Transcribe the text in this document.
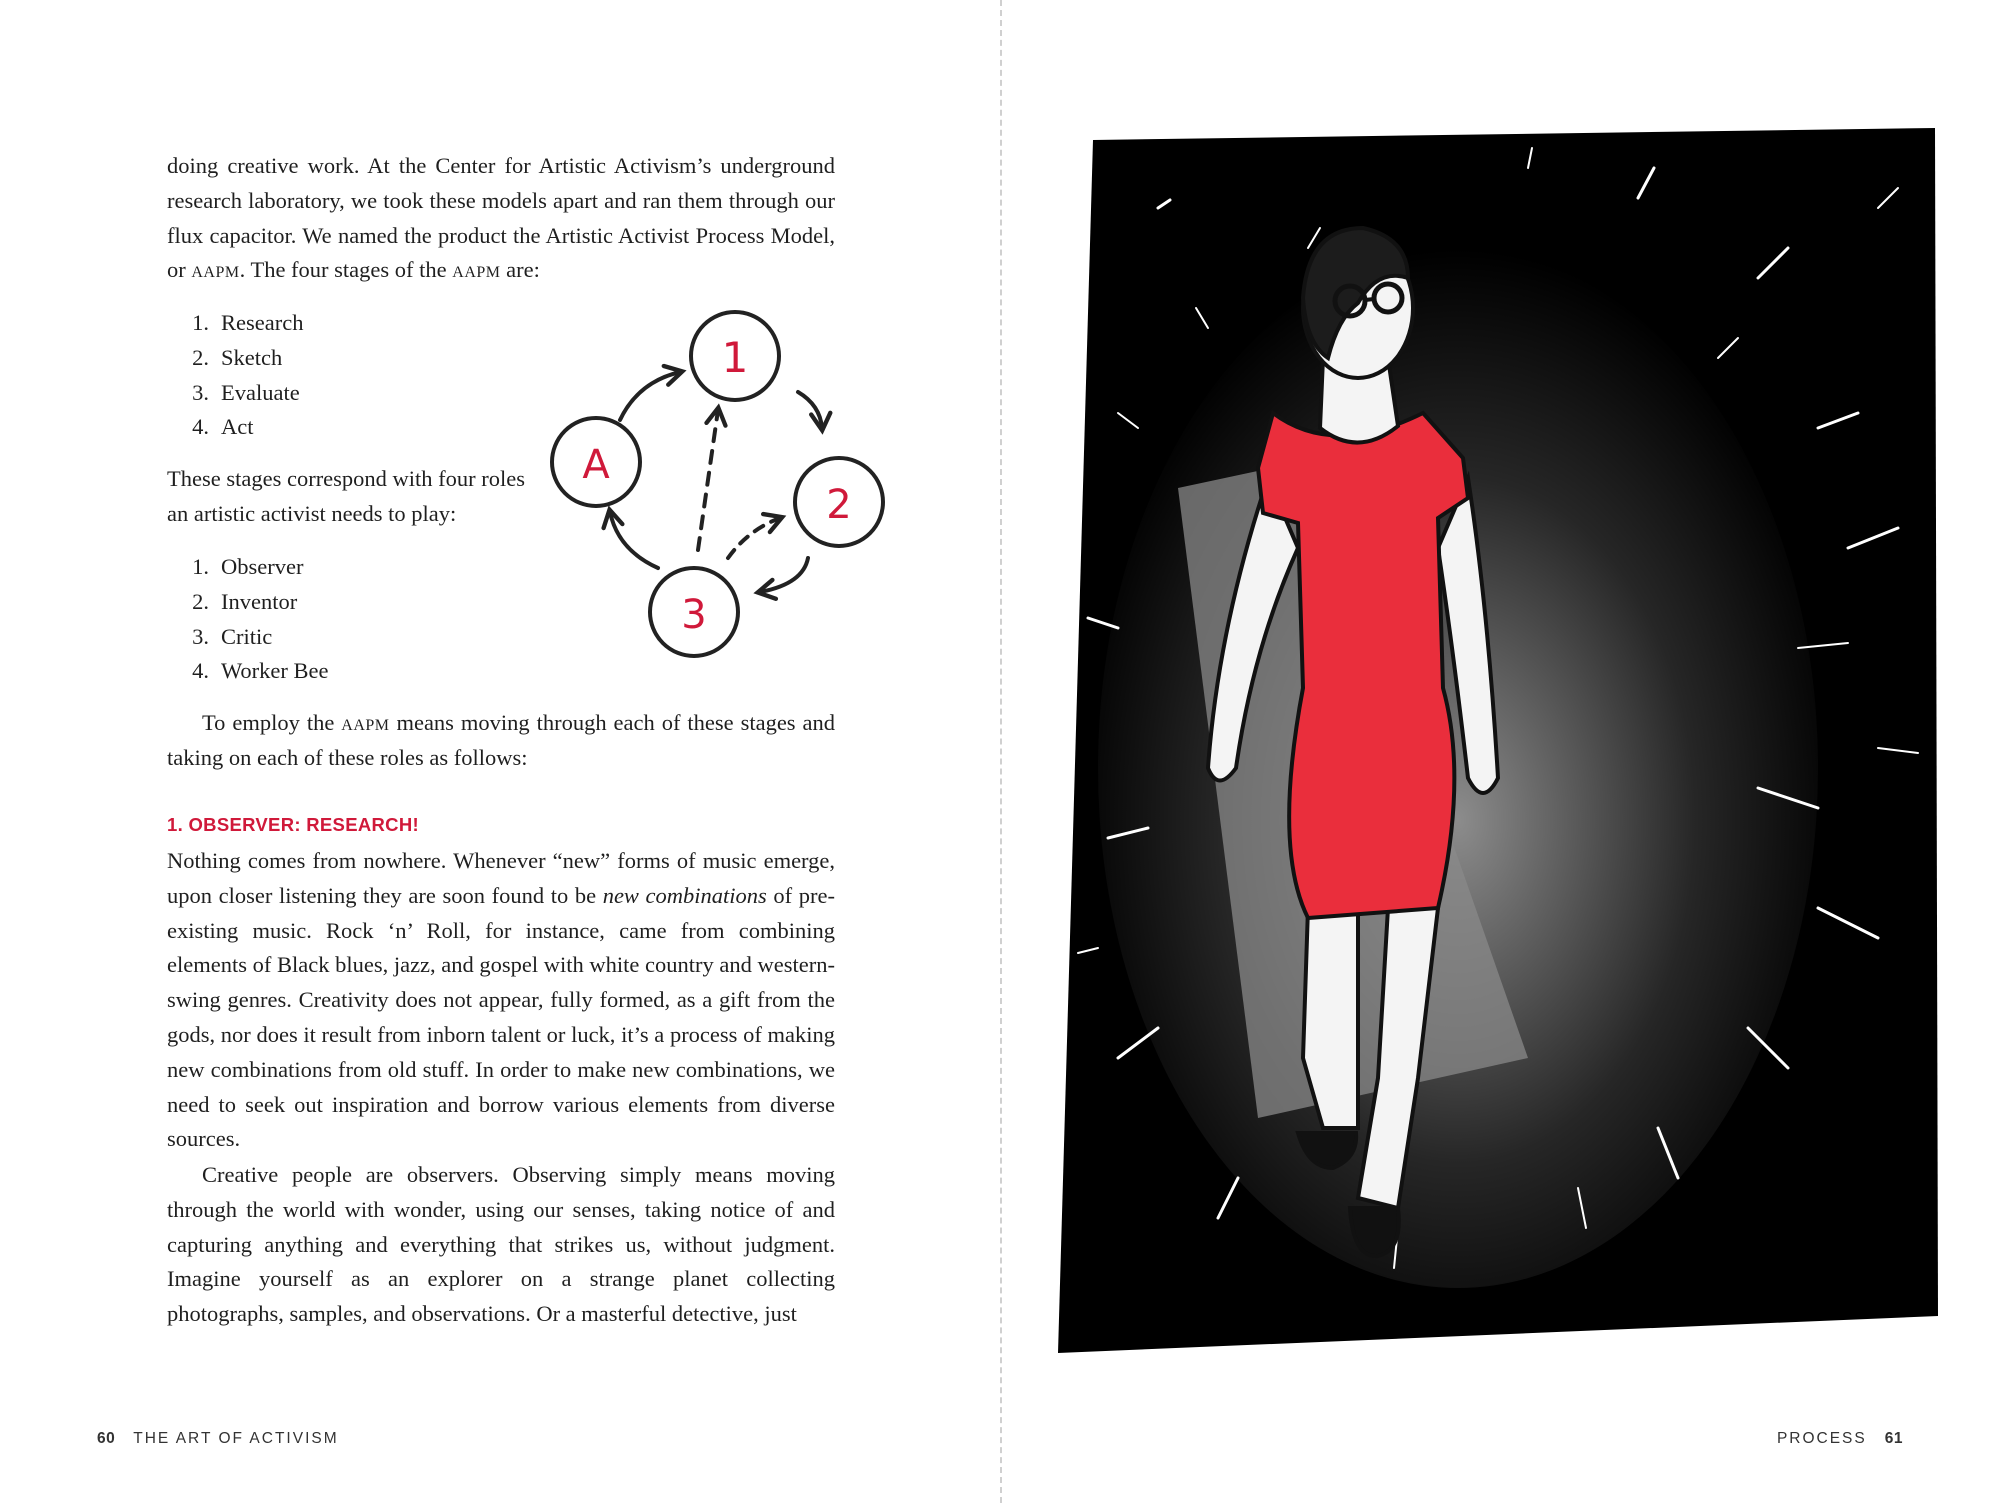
doing creative work. At the Center for Artistic Activism’s underground research laboratory, we took these models apart and ran them through our flux capacitor. We named the product the Artistic Activist Process Model, or aapm. The four stages of the aapm are:

1. Research
2. Sketch
3. Evaluate
4. Act

These stages correspond with four roles an artistic activist needs to play:

1. Observer
2. Inventor
3. Critic
4. Worker Bee
1
2
3
A

To employ the aapm means moving through each of these stages and taking on each of these roles as follows:

1. OBSERVER: RESEARCH!

Nothing comes from nowhere. Whenever “new” forms of music emerge, upon closer listening they are soon found to be new combinations of pre-existing music. Rock ‘n’ Roll, for instance, came from combining elements of Black blues, jazz, and gospel with white country and western-swing genres. Creativity does not appear, fully formed, as a gift from the gods, nor does it result from inborn talent or luck, it’s a process of making new combinations from old stuff. In order to make new combinations, we need to seek out inspiration and borrow various elements from diverse sources.

Creative people are observers. Observing simply means moving through the world with wonder, using our senses, taking notice of and capturing anything and everything that strikes us, without judgment. Imagine yourself as an explorer on a strange planet collecting photographs, samples, and observations. Or a masterful detective, just

60 THE ART OF ACTIVISM	PROCESS 61
